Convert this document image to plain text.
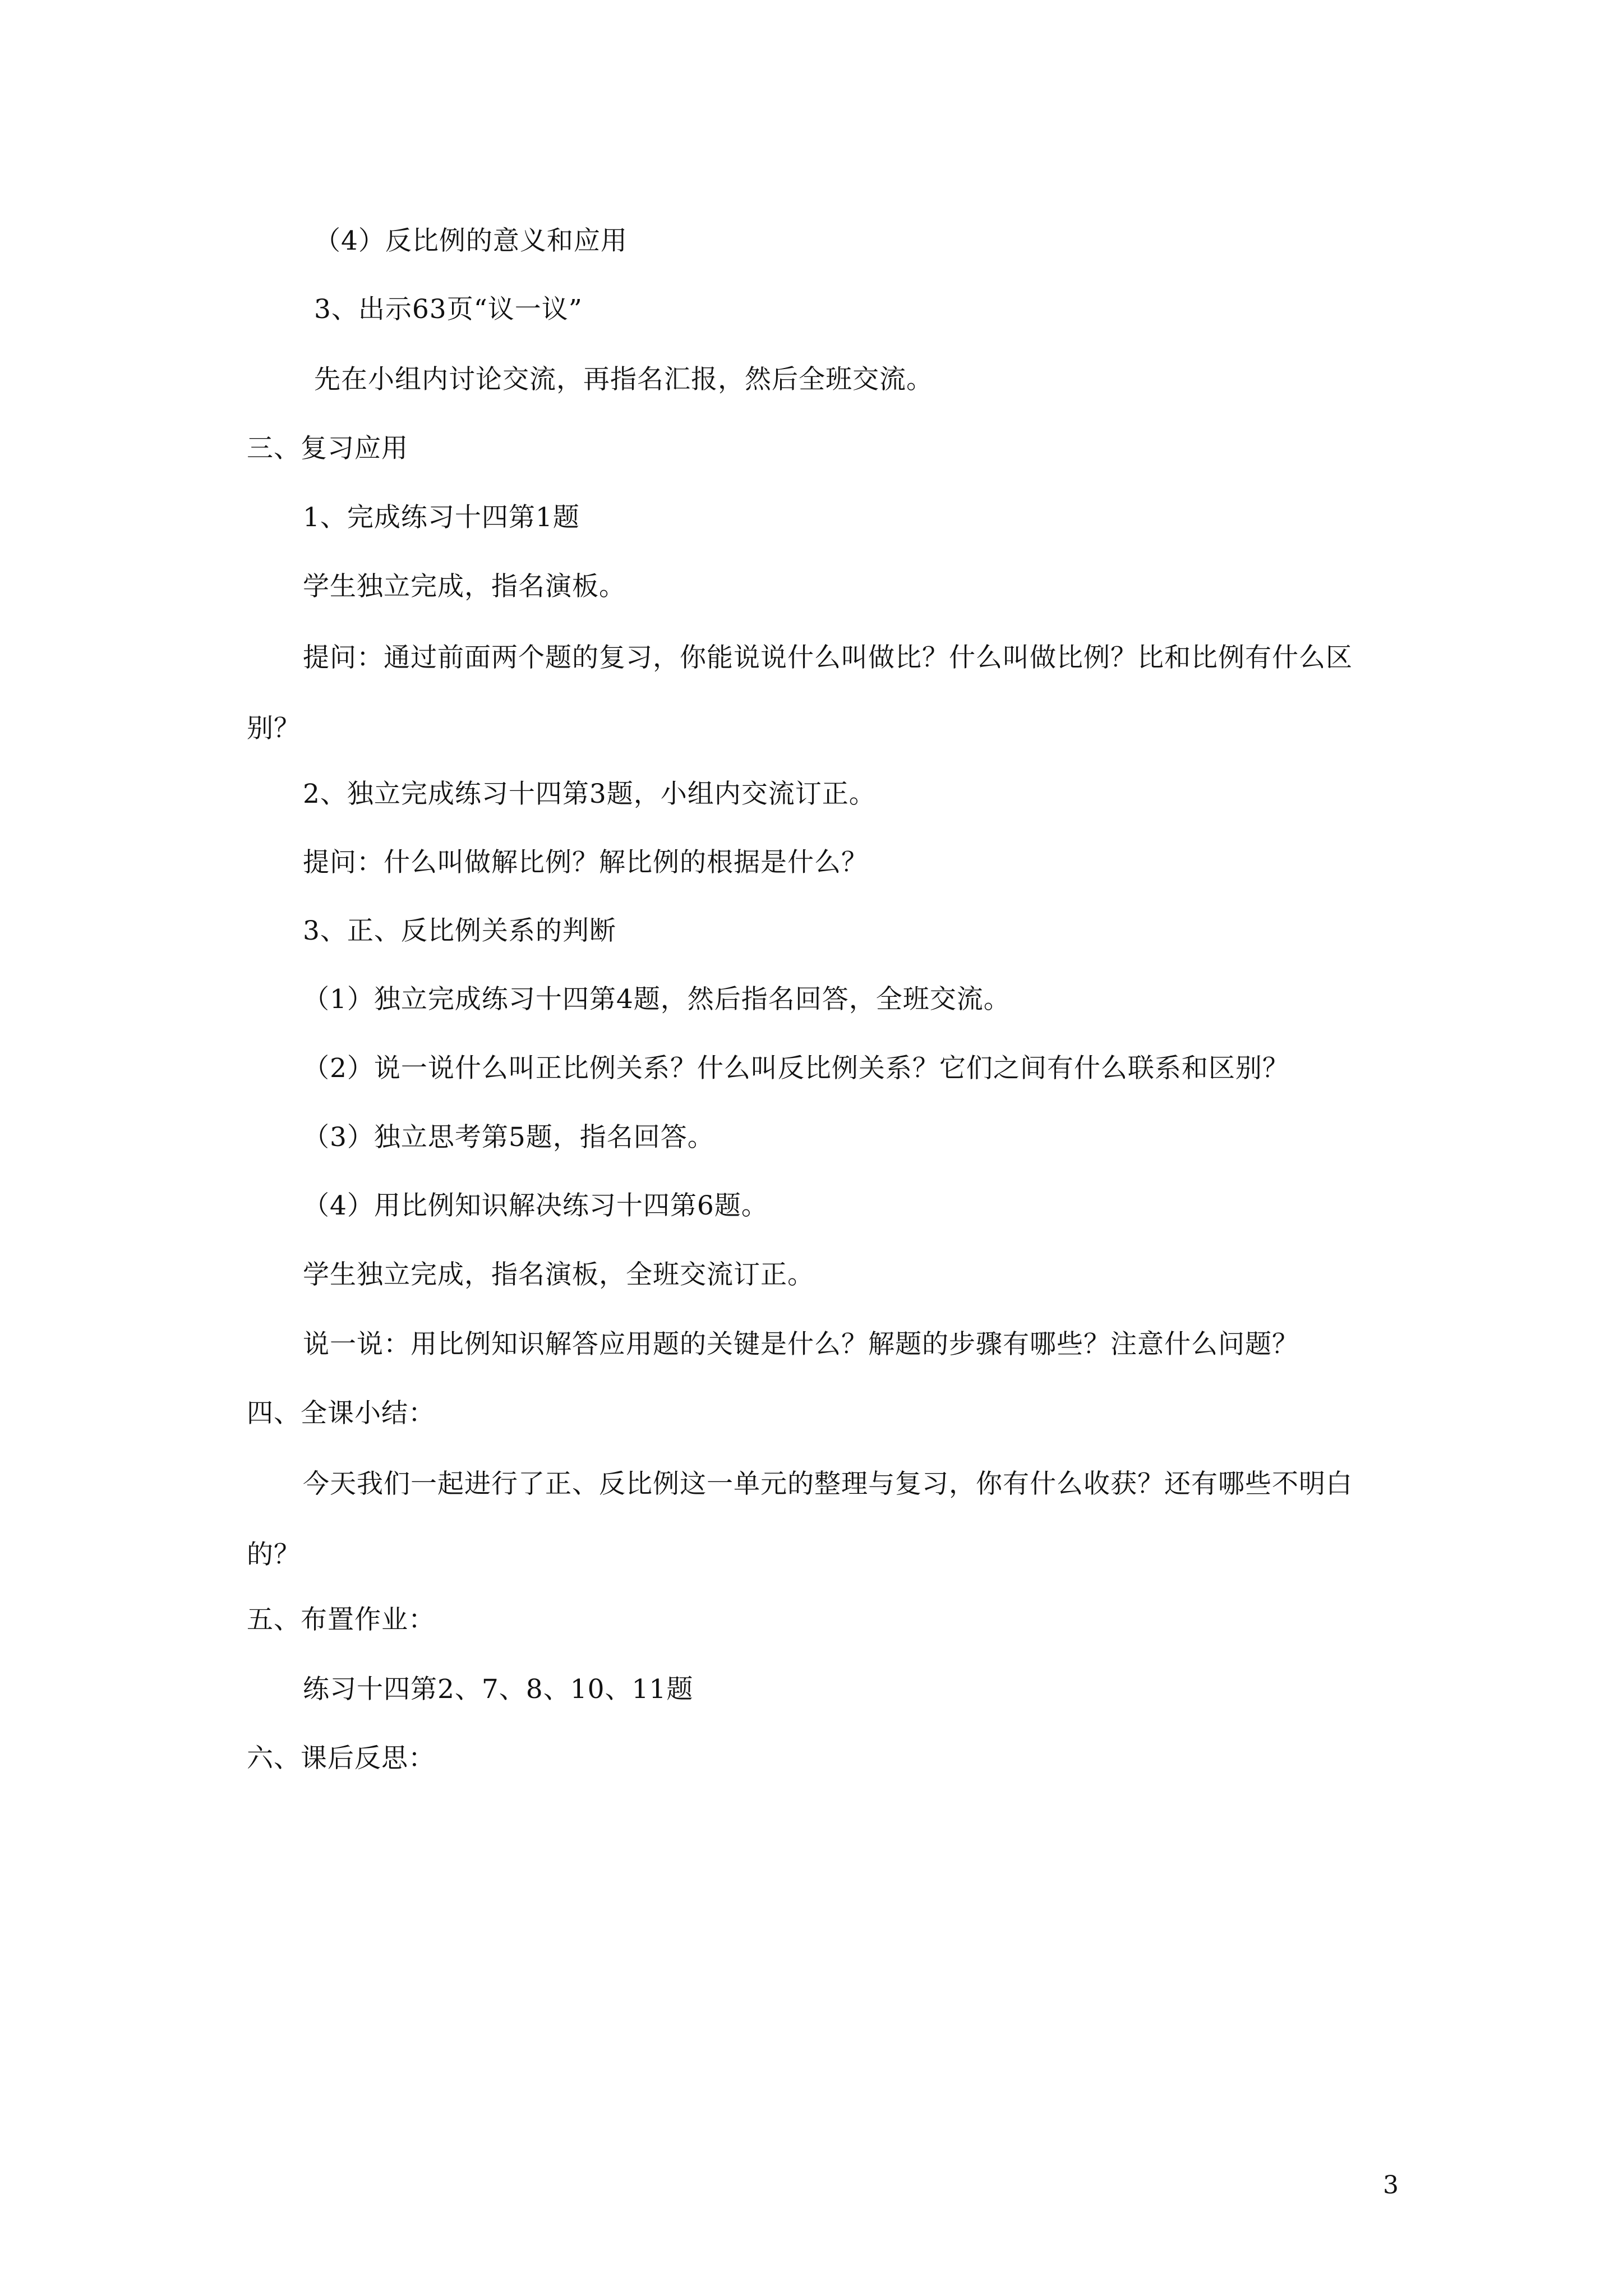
（4）反比例的意义和应用
3、出示63页“议一议”
先在小组内讨论交流，再指名汇报，然后全班交流。
三、复习应用
1、完成练习十四第1题
学生独立完成，指名演板。
提问：通过前面两个题的复习，你能说说什么叫做比？什么叫做比例？比和比例有什么区别？
2、独立完成练习十四第3题，小组内交流订正。
提问：什么叫做解比例？解比例的根据是什么？
3、正、反比例关系的判断
（1）独立完成练习十四第4题，然后指名回答，全班交流。
（2）说一说什么叫正比例关系？什么叫反比例关系？它们之间有什么联系和区别？
（3）独立思考第5题，指名回答。
（4）用比例知识解决练习十四第6题。
学生独立完成，指名演板，全班交流订正。
说一说：用比例知识解答应用题的关键是什么？解题的步骤有哪些？注意什么问题？
四、全课小结：
今天我们一起进行了正、反比例这一单元的整理与复习，你有什么收获？还有哪些不明白的？
五、布置作业：
练习十四第2、7、8、10、11题
六、课后反思：
3
